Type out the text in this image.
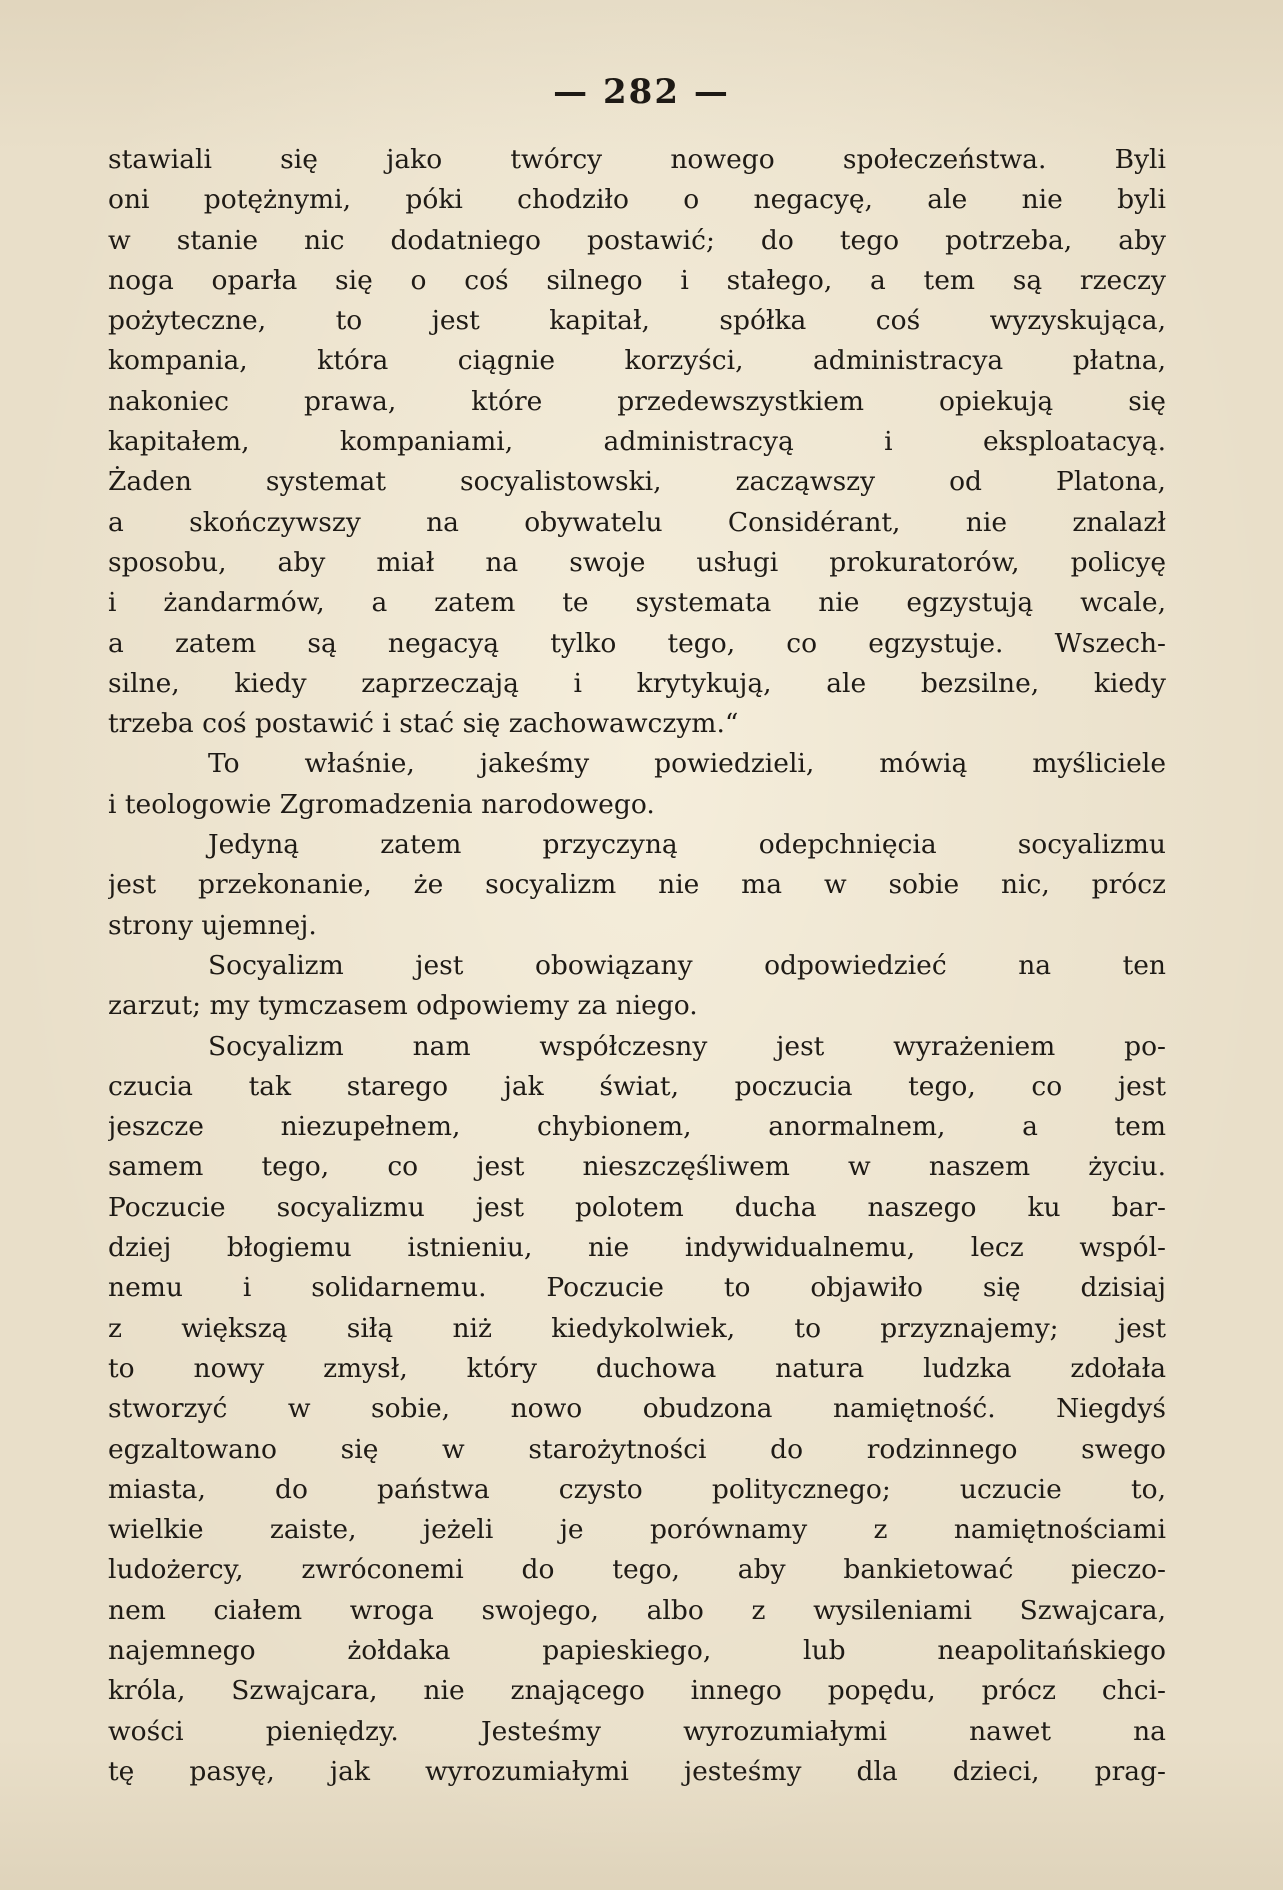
— 282 —
stawiali się jako twórcy nowego społeczeństwa. Byli
oni potężnymi, póki chodziło o negacyę, ale nie byli
w stanie nic dodatniego postawić; do tego potrzeba, aby
noga oparła się o coś silnego i stałego, a tem są rzeczy
pożyteczne, to jest kapitał, spółka coś wyzyskująca,
kompania, która ciągnie korzyści, administracya płatna,
nakoniec prawa, które przedewszystkiem opiekują się
kapitałem, kompaniami, administracyą i eksploatacyą.
Żaden systemat socyalistowski, zacząwszy od Platona,
a skończywszy na obywatelu Considérant, nie znalazł
sposobu, aby miał na swoje usługi prokuratorów, policyę
i żandarmów, a zatem te systemata nie egzystują wcale,
a zatem są negacyą tylko tego, co egzystuje. Wszech-
silne, kiedy zaprzeczają i krytykują, ale bezsilne, kiedy
trzeba coś postawić i stać się zachowawczym.“
To właśnie, jakeśmy powiedzieli, mówią myśliciele
i teologowie Zgromadzenia narodowego.
Jedyną zatem przyczyną odepchnięcia socyalizmu
jest przekonanie, że socyalizm nie ma w sobie nic, prócz
strony ujemnej.
Socyalizm jest obowiązany odpowiedzieć na ten
zarzut; my tymczasem odpowiemy za niego.
Socyalizm nam współczesny jest wyrażeniem po-
czucia tak starego jak świat, poczucia tego, co jest
jeszcze niezupełnem, chybionem, anormalnem, a tem
samem tego, co jest nieszczęśliwem w naszem życiu.
Poczucie socyalizmu jest polotem ducha naszego ku bar-
dziej błogiemu istnieniu, nie indywidualnemu, lecz wspól-
nemu i solidarnemu. Poczucie to objawiło się dzisiaj
z większą siłą niż kiedykolwiek, to przyznajemy; jest
to nowy zmysł, który duchowa natura ludzka zdołała
stworzyć w sobie, nowo obudzona namiętność. Niegdyś
egzaltowano się w starożytności do rodzinnego swego
miasta, do państwa czysto politycznego; uczucie to,
wielkie zaiste, jeżeli je porównamy z namiętnościami
ludożercy, zwróconemi do tego, aby bankietować pieczo-
nem ciałem wroga swojego, albo z wysileniami Szwajcara,
najemnego żołdaka papieskiego, lub neapolitańskiego
króla, Szwajcara, nie znającego innego popędu, prócz chci-
wości pieniędzy. Jesteśmy wyrozumiałymi nawet na
tę pasyę, jak wyrozumiałymi jesteśmy dla dzieci, prag-
